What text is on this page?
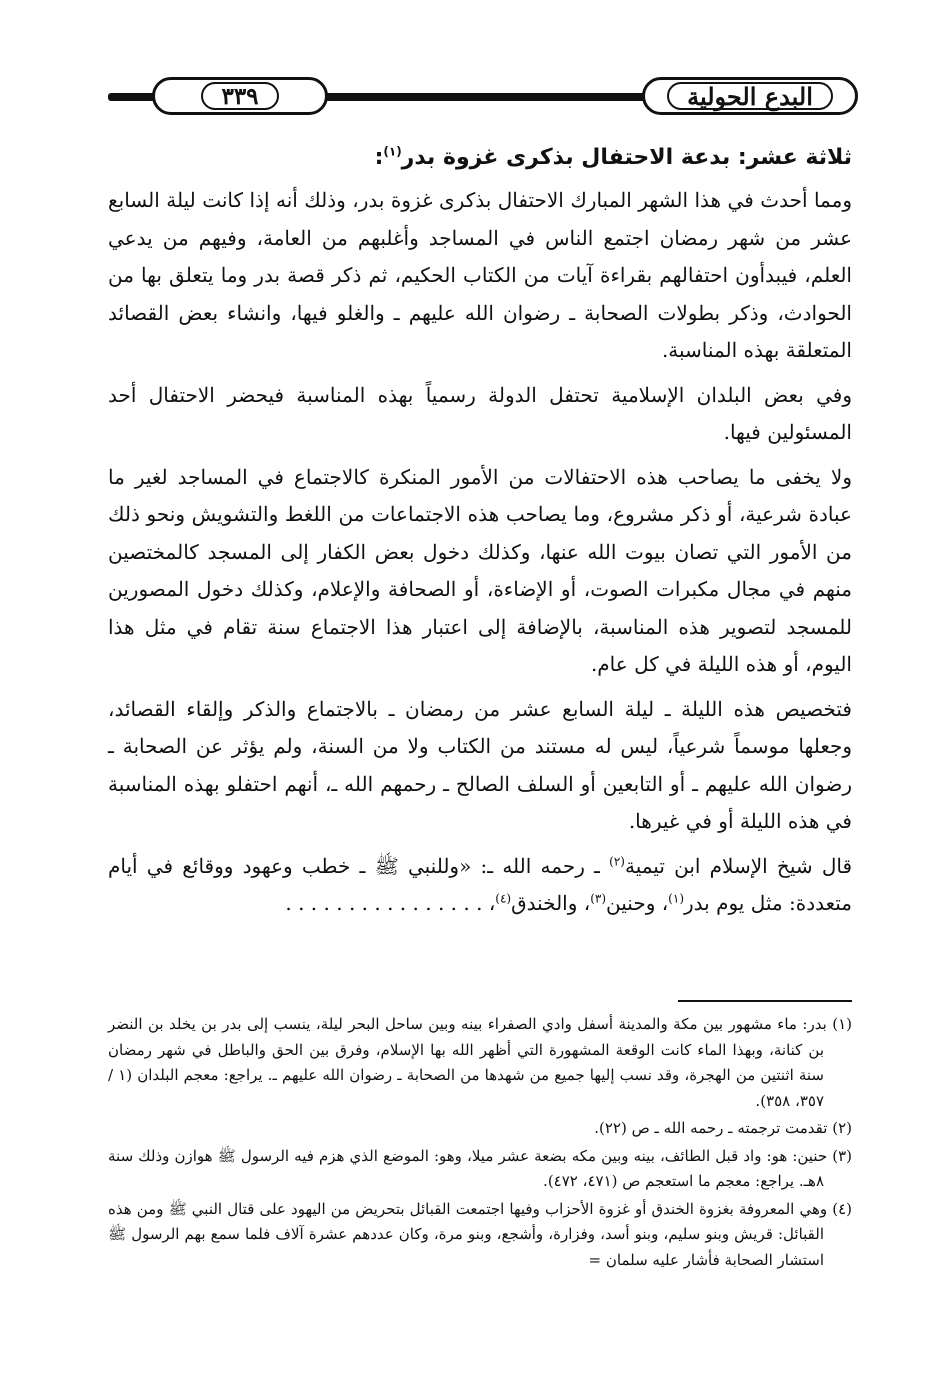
٣٣٩	البدع الحولية

ثلاثة عشر: بدعة الاحتفال بذكرى غزوة بدر$^{(١)}$:

ومما أحدث في هذا الشهر المبارك الاحتفال بذكرى غزوة بدر، وذلك أنه إذا كانت ليلة السابع عشر من شهر رمضان اجتمع الناس في المساجد وأغلبهم من العامة، وفيهم من يدعي العلم، فيبدأون احتفالهم بقراءة آيات من الكتاب الحكيم، ثم ذكر قصة بدر وما يتعلق بها من الحوادث، وذكر بطولات الصحابة ـ رضوان الله عليهم ـ والغلو فيها، وانشاء بعض القصائد المتعلقة بهذه المناسبة.

وفي بعض البلدان الإسلامية تحتفل الدولة رسمياً بهذه المناسبة فيحضر الاحتفال أحد المسئولين فيها.

ولا يخفى ما يصاحب هذه الاحتفالات من الأمور المنكرة كالاجتماع في المساجد لغير ما عبادة شرعية، أو ذكر مشروع، وما يصاحب هذه الاجتماعات من اللغط والتشويش ونحو ذلك من الأمور التي تصان بيوت الله عنها، وكذلك دخول بعض الكفار إلى المسجد كالمختصين منهم في مجال مكبرات الصوت، أو الإضاءة، أو الصحافة والإعلام، وكذلك دخول المصورين للمسجد لتصوير هذه المناسبة، بالإضافة إلى اعتبار هذا الاجتماع سنة تقام في مثل هذا اليوم، أو هذه الليلة في كل عام.

فتخصيص هذه الليلة ـ ليلة السابع عشر من رمضان ـ بالاجتماع والذكر وإلقاء القصائد، وجعلها موسماً شرعياً، ليس له مستند من الكتاب ولا من السنة، ولم يؤثر عن الصحابة ـ رضوان الله عليهم ـ أو التابعين أو السلف الصالح ـ رحمهم الله ـ، أنهم احتفلو بهذه المناسبة في هذه الليلة أو في غيرها.

قال شيخ الإسلام ابن تيمية$^{(٢)}$ ـ رحمه الله ـ: «وللنبي ﷺ ـ خطب وعهود ووقائع في أيام متعددة: مثل يوم بدر$^{(١)}$، وحنين$^{(٣)}$، والخندق$^{(٤)}$، . . . . . . . . . . . . . . . .

(١) بدر: ماء مشهور بين مكة والمدينة أسفل وادي الصفراء بينه وبين ساحل البحر ليلة، ينسب إلى بدر بن يخلد بن النضر بن كنانة، وبهذا الماء كانت الوقعة المشهورة التي أظهر الله بها الإسلام، وفرق بين الحق والباطل في شهر رمضان سنة اثنتين من الهجرة، وقد نسب إليها جميع من شهدها من الصحابة ـ رضوان الله عليهم ـ. يراجع: معجم البلدان (١ / ٣٥٧، ٣٥٨).

(٢) تقدمت ترجمته ـ رحمه الله ـ ص (٢٢).

(٣) حنين: هو: واد قبل الطائف، بينه وبين مكه بضعة عشر ميلا، وهو: الموضع الذي هزم فيه الرسول ﷺ هوازن وذلك سنة ٨هـ. يراجع: معجم ما استعجم ص (٤٧١، ٤٧٢).

(٤) وهي المعروفة بغزوة الخندق أو غزوة الأحزاب وفيها اجتمعت القبائل بتحريض من اليهود على قتال النبي ﷺ ومن هذه القبائل: قريش وبنو سليم، وبنو أسد، وفزارة، وأشجع، وبنو مرة، وكان عددهم عشرة آلاف فلما سمع بهم الرسول ﷺ استشار الصحابة فأشار عليه سلمان =
